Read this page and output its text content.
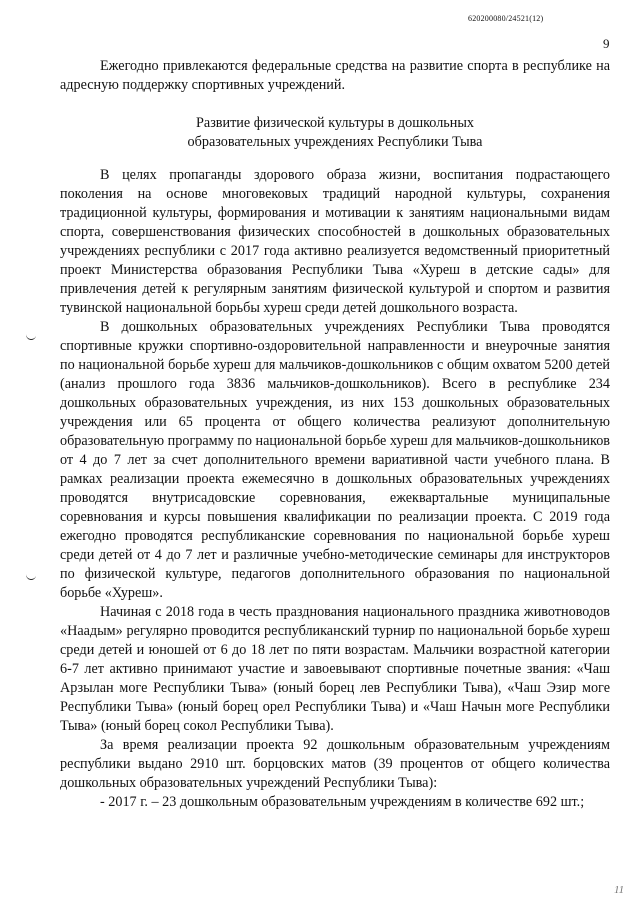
620200080/24521(12)
9

Ежегодно привлекаются федеральные средства на развитие спорта в республике на адресную поддержку спортивных учреждений.

Развитие физической культуры в дошкольных
образовательных учреждениях Республики Тыва

В целях пропаганды здорового образа жизни, воспитания подрастающего поколения на основе многовековых традиций народной культуры, сохранения традиционной культуры, формирования и мотивации к занятиям национальными видам спорта, совершенствования физических способностей в дошкольных образовательных учреждениях республики с 2017 года активно реализуется ведомственный приоритетный проект Министерства образования Республики Тыва «Хуреш в детские сады» для привлечения детей к регулярным занятиям физической культурой и спортом и развития тувинской национальной борьбы хуреш среди детей дошкольного возраста.

В дошкольных образовательных учреждениях Республики Тыва проводятся спортивные кружки спортивно-оздоровительной направленности и внеурочные занятия по национальной борьбе хуреш для мальчиков-дошкольников с общим охватом 5200 детей (анализ прошлого года 3836 мальчиков-дошкольников). Всего в республике 234 дошкольных образовательных учреждения, из них 153 дошкольных образовательных учреждения или 65 процента от общего количества реализуют дополнительную образовательную программу по национальной борьбе хуреш для мальчиков-дошкольников от 4 до 7 лет за счет дополнительного времени вариативной части учебного плана. В рамках реализации проекта ежемесячно в дошкольных образовательных учреждениях проводятся внутрисадовские соревнования, ежеквартальные муниципальные соревнования и курсы повышения квалификации по реализации проекта. С 2019 года ежегодно проводятся республиканские соревнования по национальной борьбе хуреш среди детей от 4 до 7 лет и различные учебно-методические семинары для инструкторов по физической культуре, педагогов дополнительного образования по национальной борьбе «Хуреш».

Начиная с 2018 года в честь празднования национального праздника животноводов «Наадым» регулярно проводится республиканский турнир по национальной борьбе хуреш среди детей и юношей от 6 до 18 лет по пяти возрастам. Мальчики возрастной категории 6-7 лет активно принимают участие и завоевывают спортивные почетные звания: «Чаш Арзылан моге Республики Тыва» (юный борец лев Республики Тыва), «Чаш Эзир моге Республики Тыва» (юный борец орел Республики Тыва) и «Чаш Начын моге Республики Тыва» (юный борец сокол Республики Тыва).

За время реализации проекта 92 дошкольным образовательным учреждениям республики выдано 2910 шт. борцовских матов (39 процентов от общего количества дошкольных образовательных учреждений Республики Тыва):

- 2017 г. – 23 дошкольным образовательным учреждениям в количестве 692 шт.;

11
